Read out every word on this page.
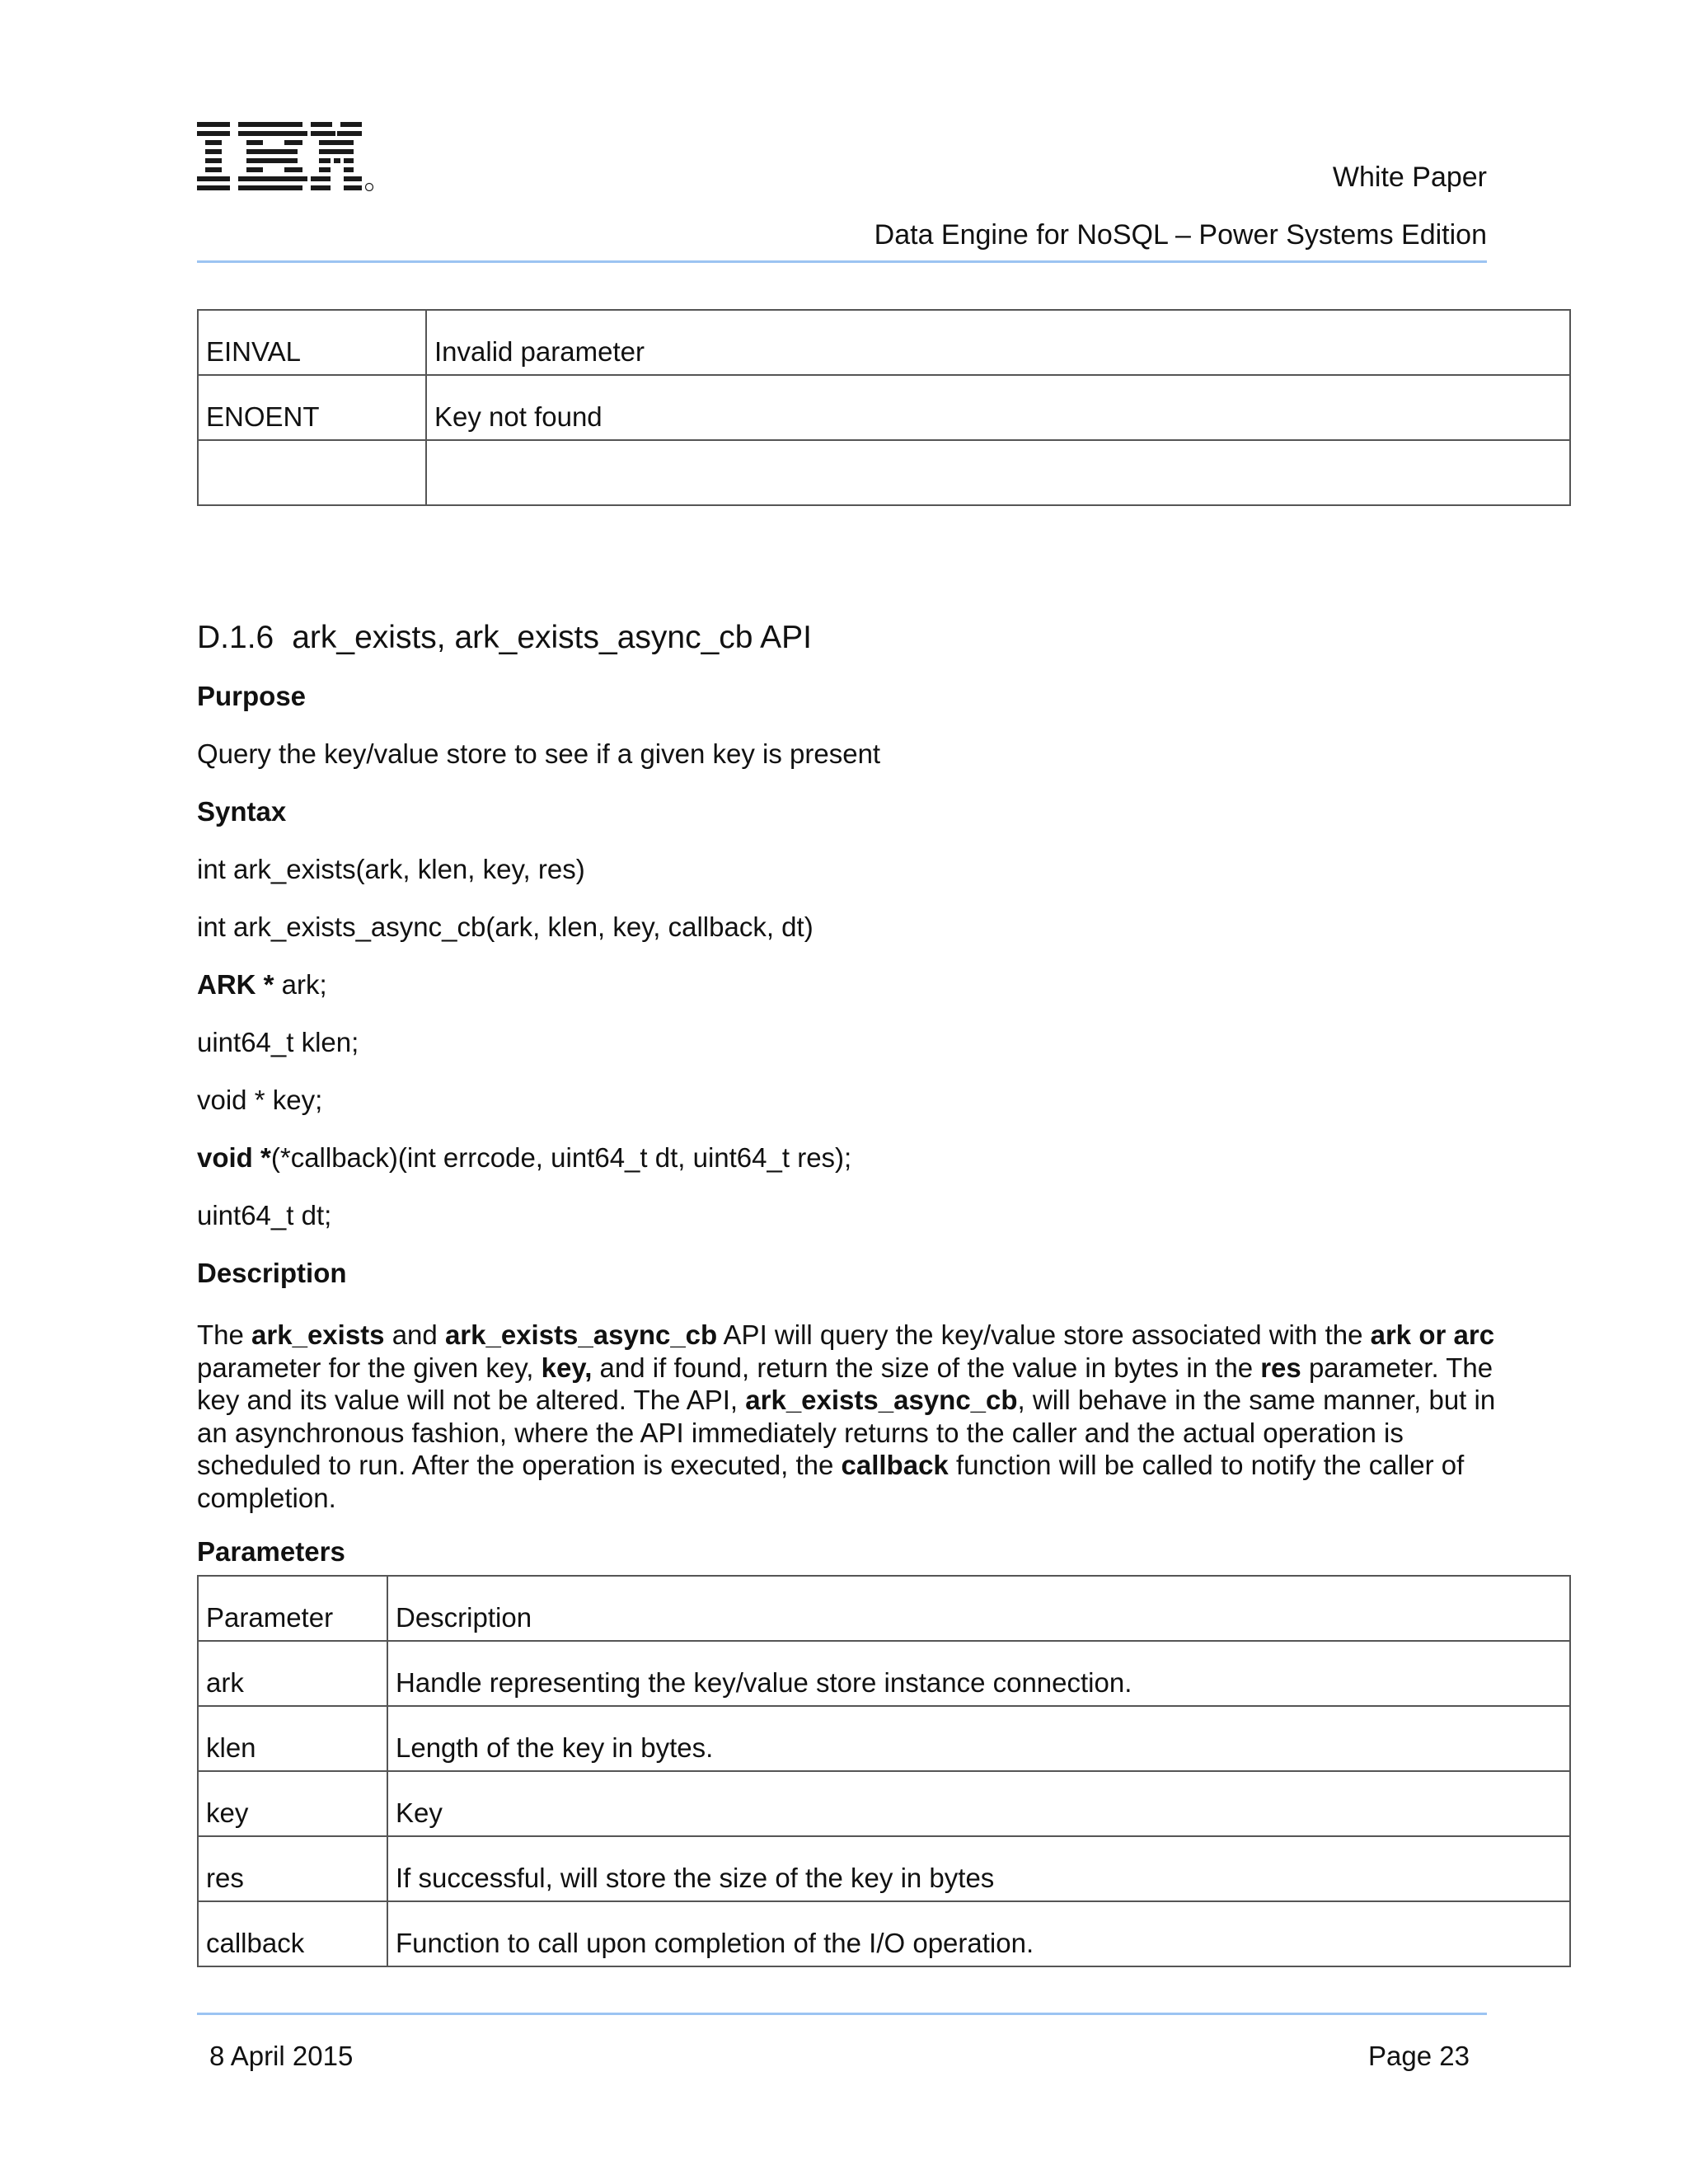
White Paper
Data Engine for NoSQL – Power Systems Edition
EINVAL	Invalid parameter
ENOENT	Key not found

D.1.6 ark_exists, ark_exists_async_cb API
Purpose
Query the key/value store to see if a given key is present
Syntax
int ark_exists(ark, klen, key, res)
int ark_exists_async_cb(ark, klen, key, callback, dt)
ARK * ark;
uint64_t klen;
void * key;
void *(*callback)(int errcode, uint64_t dt, uint64_t res);
uint64_t dt;
Description
The ark_exists and ark_exists_async_cb API will query the key/value store associated with the ark or arc parameter for the given key, key, and if found, return the size of the value in bytes in the res parameter. The key and its value will not be altered. The API, ark_exists_async_cb, will behave in the same manner, but in an asynchronous fashion, where the API immediately returns to the caller and the actual operation is scheduled to run. After the operation is executed, the callback function will be called to notify the caller of completion.
Parameters
Parameter	Description
ark	Handle representing the key/value store instance connection.
klen	Length of the key in bytes.
key	Key
res	If successful, will store the size of the key in bytes
callback	Function to call upon completion of the I/O operation.
8 April 2015	Page 23
